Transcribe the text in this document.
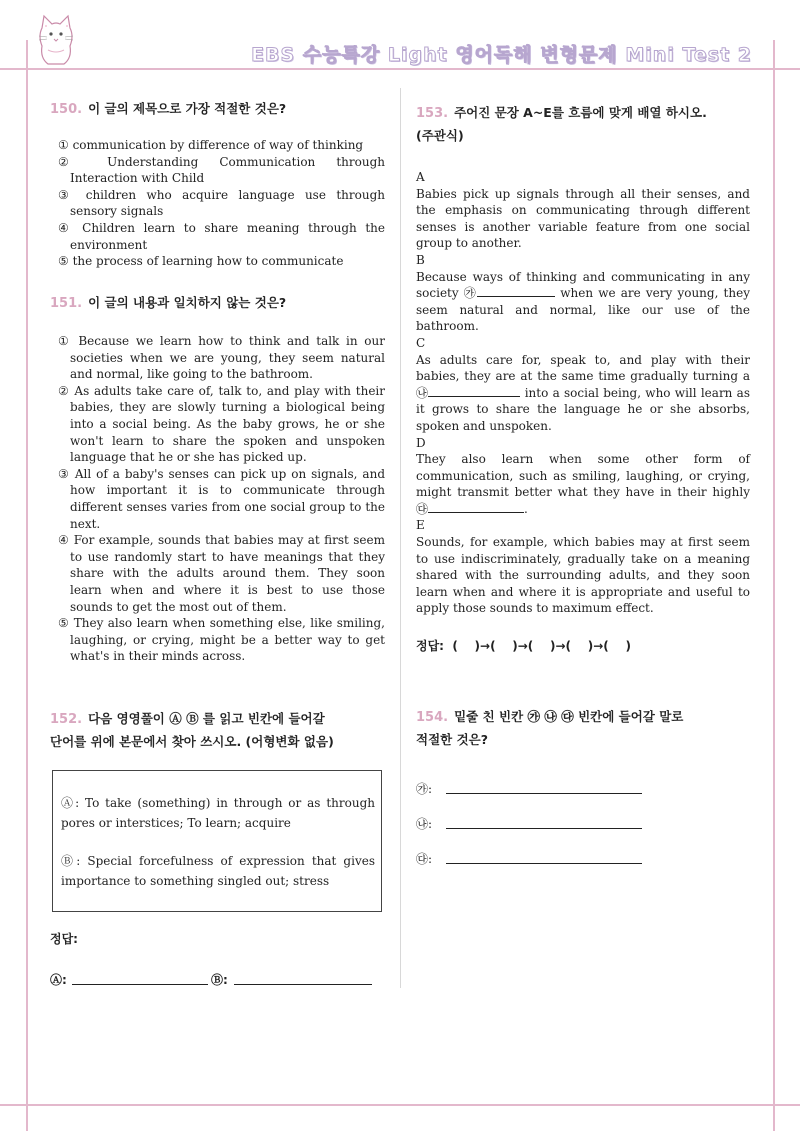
EBS 수능특강 Light 영어독해 변형문제 Mini Test 2
150. 이 글의 제목으로 가장 적절한 것은?
① communication by difference of way of thinking
② Understanding Communication through Interaction with Child
③ children who acquire language use through sensory signals
④ Children learn to share meaning through the environment
⑤ the process of learning how to communicate
151. 이 글의 내용과 일치하지 않는 것은?
① Because we learn how to think and talk in our societies when we are young, they seem natural and normal, like going to the bathroom.
② As adults take care of, talk to, and play with their babies, they are slowly turning a biological being into a social being. As the baby grows, he or she won't learn to share the spoken and unspoken language that he or she has picked up.
③ All of a baby's senses can pick up on signals, and how important it is to communicate through different senses varies from one social group to the next.
④ For example, sounds that babies may at first seem to use randomly start to have meanings that they share with the adults around them. They soon learn when and where it is best to use those sounds to get the most out of them.
⑤ They also learn when something else, like smiling, laughing, or crying, might be a better way to get what's in their minds across.
152. 다음 영영풀이 Ⓐ Ⓑ 를 읽고 빈칸에 들어갈
단어를 위에 본문에서 찾아 쓰시오. (어형변화 없음)
Ⓐ: To take (something) in through or as through pores or interstices; To learn; acquire
Ⓑ: Special forcefulness of expression that gives importance to something singled out; stress
정답:
Ⓐ:	Ⓑ:
153. 주어진 문장 A~E를 흐름에 맞게 배열 하시오.
(주관식)
A
Babies pick up signals through all their senses, and the emphasis on communicating through different senses is another variable feature from one social group to another.
B
Because ways of thinking and communicating in any society ㉮	when we are very young, they seem natural and normal, like our use of the bathroom.
C
As adults care for, speak to, and play with their babies, they are at the same time gradually turning a ㉯	into a social being, who will learn as it grows to share the language he or she absorbs, spoken and unspoken.
D
They also learn when some other form of communication, such as smiling, laughing, or crying, might transmit better what they have in their highly ㉰	.
E
Sounds, for example, which babies may at first seem to use indiscriminately, gradually take on a meaning shared with the surrounding adults, and they soon learn when and where it is appropriate and useful to apply those sounds to maximum effect.
정답:  (    )→(    )→(    )→(    )→(    )
154. 밑줄 친 빈칸 ㉮ ㉯ ㉰ 빈칸에 들어갈 말로
적절한 것은?
㉮:
㉯:
㉰:
